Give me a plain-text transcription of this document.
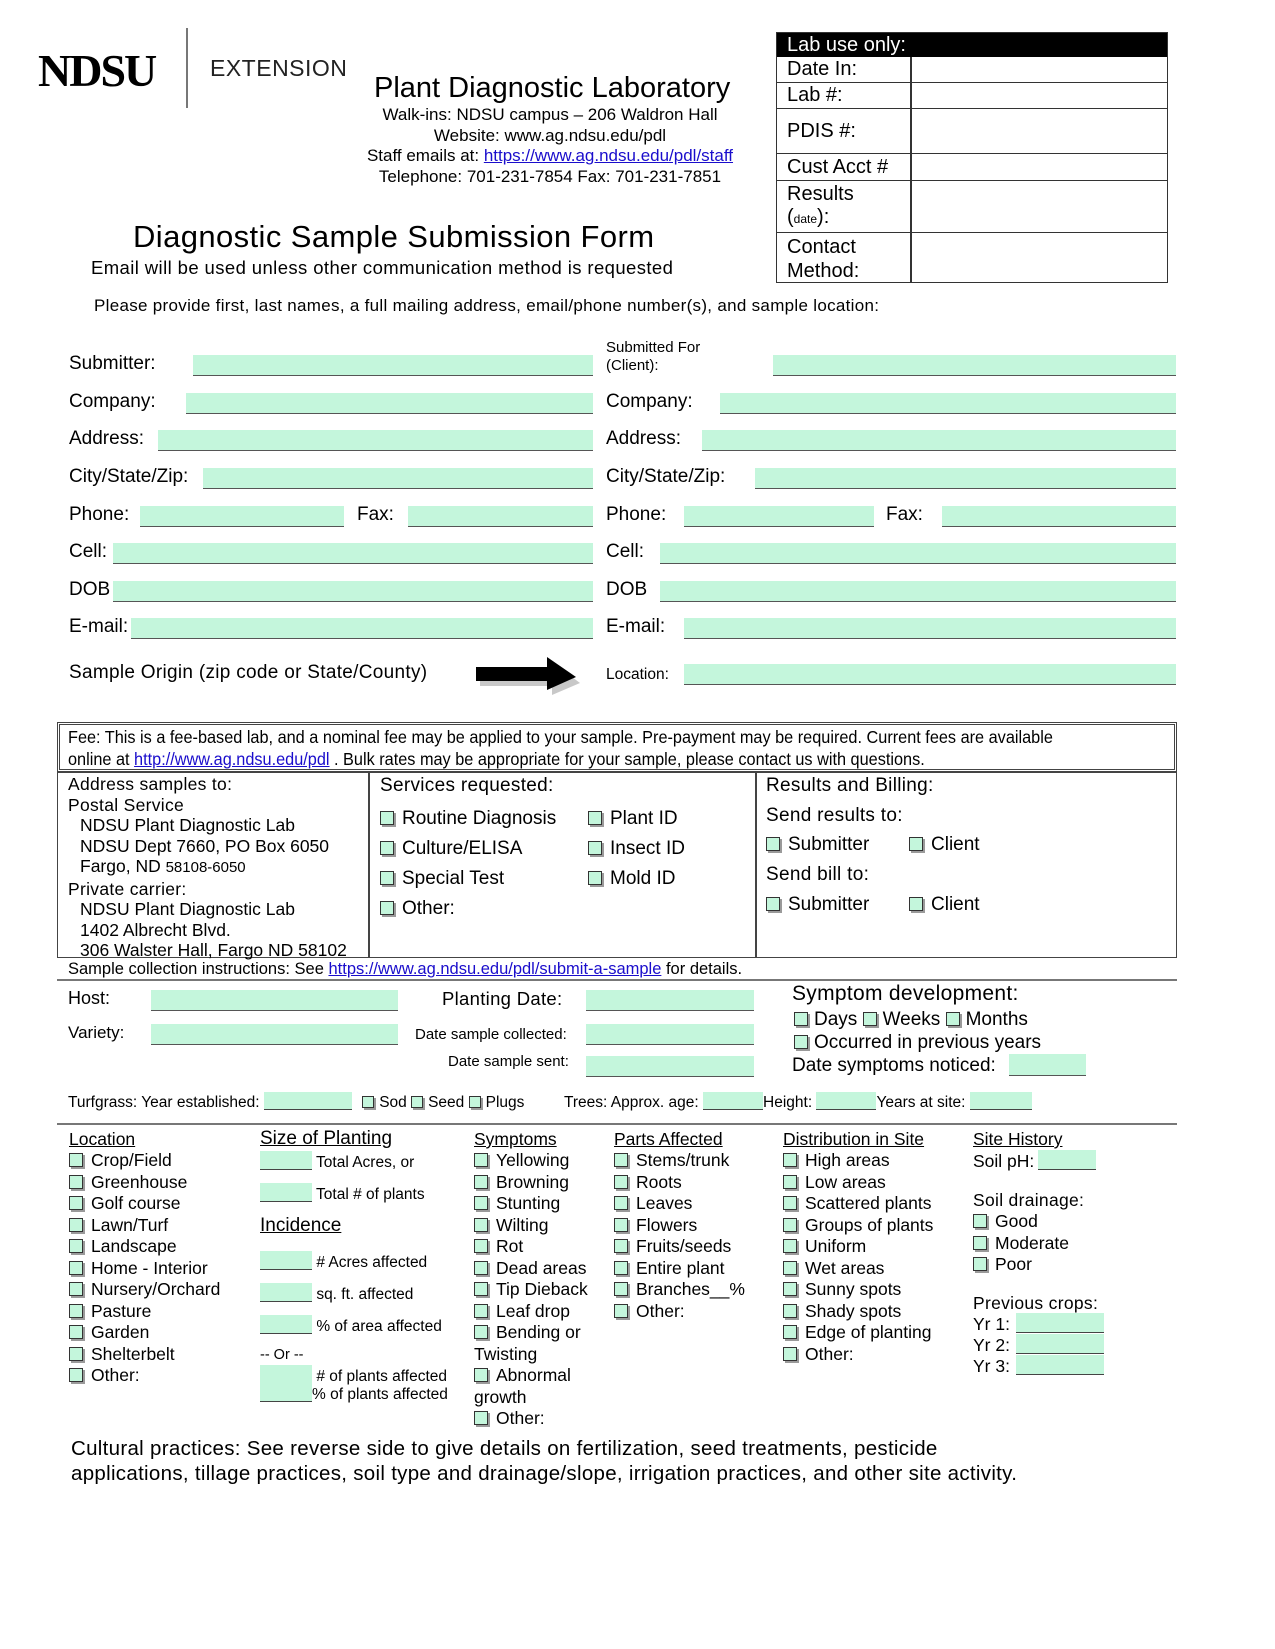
NDSU EXTENSION
Plant Diagnostic Laboratory
Walk-ins: NDSU campus – 206 Waldron Hall
Website: www.ag.ndsu.edu/pdl
Staff emails at: https://www.ag.ndsu.edu/pdl/staff
Telephone: 701-231-7854 Fax: 701-231-7851
Lab use only:
Date In:
Lab #:
PDIS #:
Cust Acct #
Results
(date):
Contact
Method:
Diagnostic Sample Submission Form
Email will be used unless other communication method is requested
Please provide first, last names, a full mailing address, email/phone number(s), and sample location:
Submitter:
Company:
Address:
City/State/Zip:
Phone:	Fax:
Cell:
DOB
E-mail:
Sample Origin (zip code or State/County)
Submitted For
(Client):
Company:
Address:
City/State/Zip:
Phone:	Fax:
Cell:
DOB
E-mail:
Location:
Fee: This is a fee-based lab, and a nominal fee may be applied to your sample. Pre-payment may be required. Current fees are available
online at http://www.ag.ndsu.edu/pdl . Bulk rates may be appropriate for your sample, please contact us with questions.
Address samples to:
Postal Service
NDSU Plant Diagnostic Lab
NDSU Dept 7660, PO Box 6050
Fargo, ND 58108-6050
Private carrier:
NDSU Plant Diagnostic Lab
1402 Albrecht Blvd.
306 Walster Hall, Fargo ND 58102
Services requested:
Routine Diagnosis
Culture/ELISA
Special Test
Other:
Plant ID
Insect ID
Mold ID
Results and Billing:
Send results to:
Submitter	Client
Send bill to:
Submitter	Client
Sample collection instructions: See https://www.ag.ndsu.edu/pdl/submit-a-sample for details.
Host:
Variety:
Planting Date:
Date sample collected:
Date sample sent:
Symptom development:
Days Weeks Months
Occurred in previous years
Date symptoms noticed:
Turfgrass: Year established:	Sod Seed Plugs	Trees: Approx. age:	Height:	Years at site:
Location
Crop/Field
Greenhouse
Golf course
Lawn/Turf
Landscape
Home - Interior
Nursery/Orchard
Pasture
Garden
Shelterbelt
Other:
Size of Planting
Total Acres, or
Total # of plants
Incidence
# Acres affected
sq. ft. affected
% of area affected
-- Or --
# of plants affected
% of plants affected
Symptoms
Yellowing
Browning
Stunting
Wilting
Rot
Dead areas
Tip Dieback
Leaf drop
Bending or
Twisting
Abnormal
growth
Other:
Parts Affected
Stems/trunk
Roots
Leaves
Flowers
Fruits/seeds
Entire plant
Branches__%
Other:
Distribution in Site
High areas
Low areas
Scattered plants
Groups of plants
Uniform
Wet areas
Sunny spots
Shady spots
Edge of planting
Other:
Site History
Soil pH:
Soil drainage:
Good
Moderate
Poor
Previous crops:
Yr 1:
Yr 2:
Yr 3:
Cultural practices: See reverse side to give details on fertilization, seed treatments, pesticide
applications, tillage practices, soil type and drainage/slope, irrigation practices, and other site activity.
